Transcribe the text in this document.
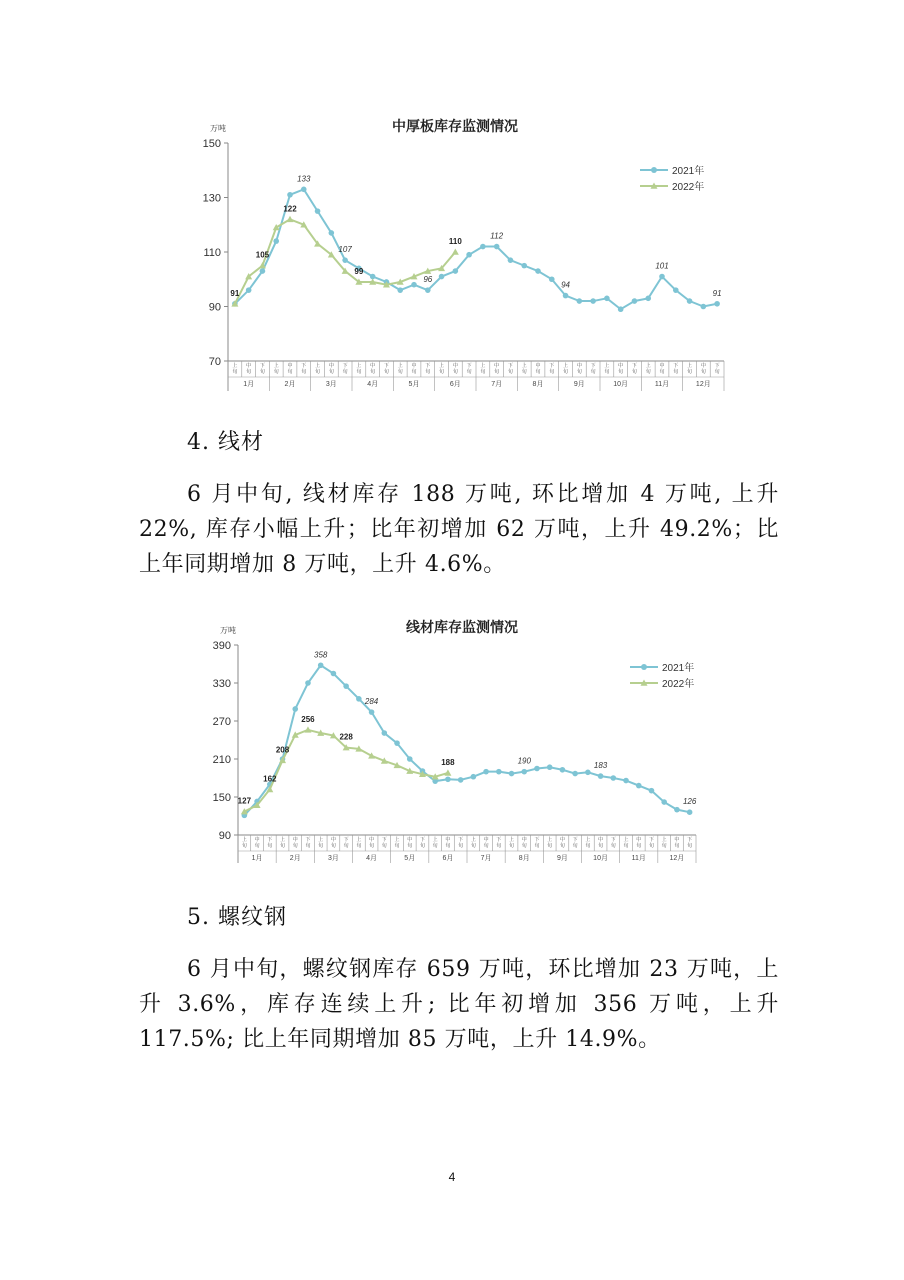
中厚板库存监测情况
万吨
70
90
110
130
150
上
旬
中
旬
下
旬
上
旬
中
旬
下
旬
上
旬
中
旬
下
旬
上
旬
中
旬
下
旬
上
旬
中
旬
下
旬
上
旬
中
旬
下
旬
上
旬
中
旬
下
旬
上
旬
中
旬
下
旬
上
旬
中
旬
下
旬
上
旬
中
旬
下
旬
上
旬
中
旬
下
旬
上
旬
中
旬
下
旬
1月	2月	3月	4月	5月	6月	7月	8月	9月	10月	11月	12月
133
107
96
112
94
101
91
91
105
122
99
110
2021年
2022年
4. 线材
6 月中旬, 线材库存 188 万吨, 环比增加 4 万吨, 上升 22%, 库存小幅上升；比年初增加 62 万吨，上升 49.2%；比上年同期增加 8 万吨，上升 4.6%。
线材库存监测情况
万吨
90
150
210
270
330
390
上
旬
中
旬
下
旬
上
旬
中
旬
下
旬
上
旬
中
旬
下
旬
上
旬
中
旬
下
旬
上
旬
中
旬
下
旬
上
旬
中
旬
下
旬
上
旬
中
旬
下
旬
上
旬
中
旬
下
旬
上
旬
中
旬
下
旬
上
旬
中
旬
下
旬
上
旬
中
旬
下
旬
上
旬
中
旬
下
旬
1月	2月	3月	4月	5月	6月	7月	8月	9月	10月	11月	12月
358
284
190	183
126
127
162
208
256
228
188
2021年
2022年
5. 螺纹钢
6 月中旬，螺纹钢库存 659 万吨，环比增加 23 万吨，上升 3.6%，库存连续上升; 比年初增加 356 万吨，上升 117.5%; 比上年同期增加 85 万吨，上升 14.9%。
4
